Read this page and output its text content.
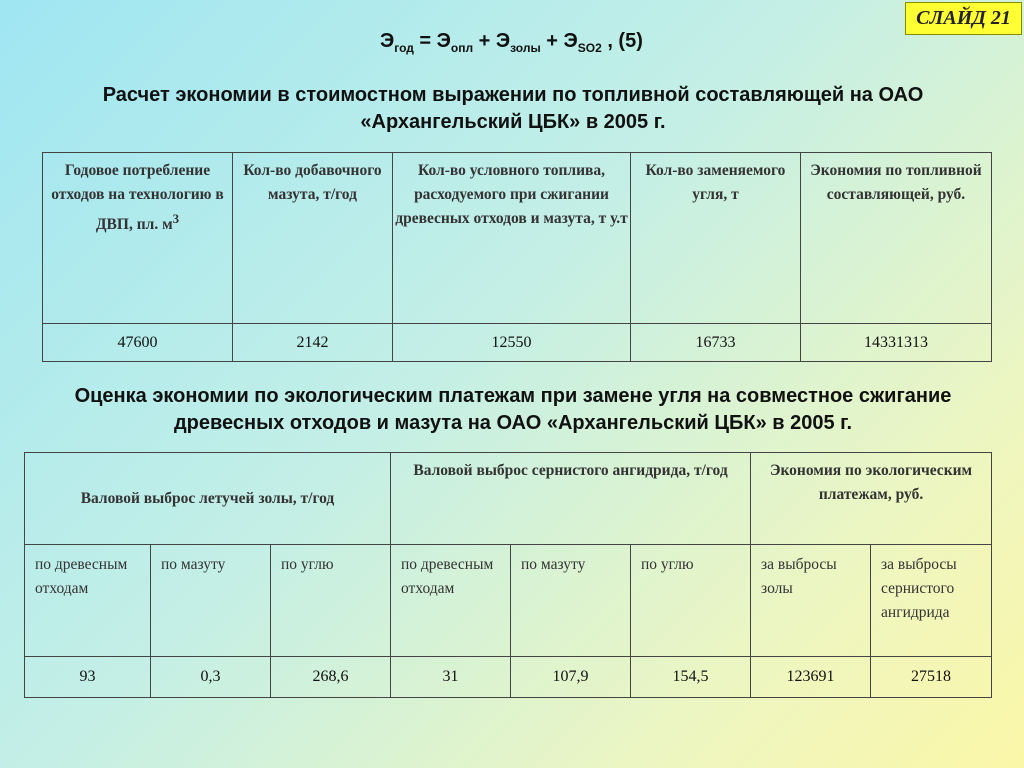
СЛАЙД 21
$Э_{год} = Э_{опл} + Э_{золы} + Э_{SO2}$ , (5)
Расчет экономии в стоимостном выражении по топливной составляющей на ОАО «Архангельский ЦБК» в 2005 г.
Годовое потребление отходов на технологию в ДВП, пл. $м^3$	Кол-во добавочного мазута, т/год	Кол-во условного топлива, расходуемого при сжигании древесных отходов и мазута, т у.т	Кол-во заменяемого угля, т	Экономия по топливной составляющей, руб.
47600	2142	12550	16733	14331313
Оценка экономии по экологическим платежам при замене угля на совместное сжигание древесных отходов и мазута на ОАО «Архангельский ЦБК» в 2005 г.
Валовой выброс летучей золы, т/год			Валовой выброс сернистого ангидрида, т/год			Экономия по экологическим платежам, руб.	
по древесным отходам	по мазуту	по углю	по древесным отходам	по мазуту	по углю	за выбросы золы	за выбросы сернистого ангидрида
93	0,3	268,6	31	107,9	154,5	123691	27518
